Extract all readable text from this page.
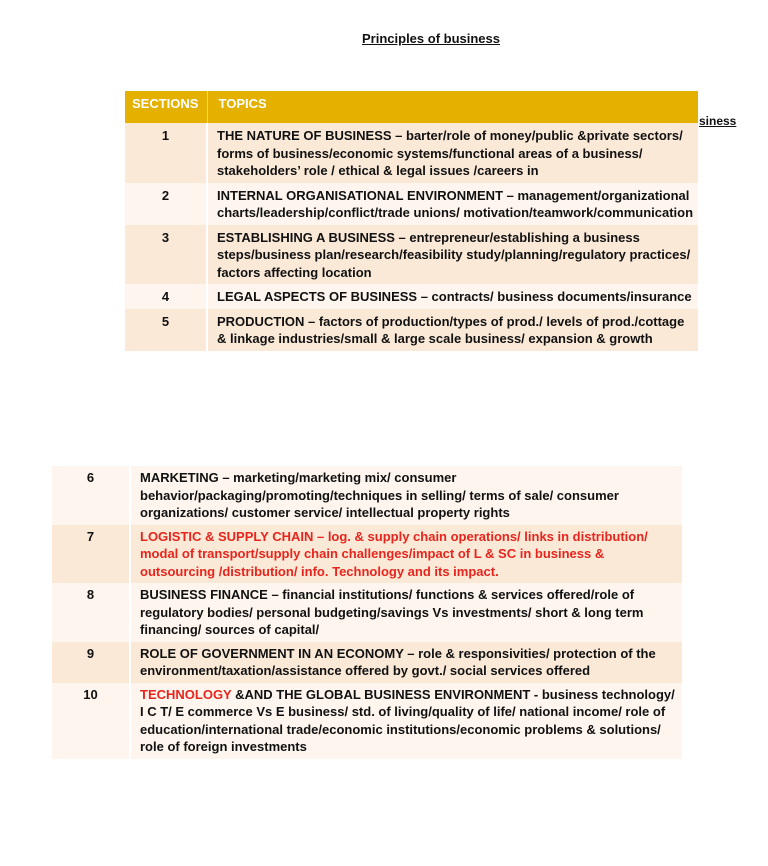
Principles of business
siness
SECTIONS	TOPICS
1	THE NATURE OF BUSINESS – barter/role of money/public &private sectors/ forms of business/economic systems/functional areas of a business/ stakeholders’ role / ethical & legal issues /careers in
2	INTERNAL ORGANISATIONAL ENVIRONMENT – management/organizational charts/leadership/conflict/trade unions/ motivation/teamwork/communication
3	ESTABLISHING A BUSINESS – entrepreneur/establishing a business steps/business plan/research/feasibility study/planning/regulatory practices/ factors affecting location
4	LEGAL ASPECTS OF BUSINESS – contracts/ business documents/insurance
5	PRODUCTION – factors of production/types of prod./ levels of prod./cottage & linkage industries/small & large scale business/ expansion & growth
6	MARKETING – marketing/marketing mix/ consumer behavior/packaging/promoting/techniques in selling/ terms of sale/ consumer organizations/ customer service/ intellectual property rights
7	LOGISTIC & SUPPLY CHAIN – log. & supply chain operations/ links in distribution/ modal of transport/supply chain challenges/impact of L & SC in business & outsourcing /distribution/ info. Technology and its impact.
8	BUSINESS FINANCE – financial institutions/ functions & services offered/role of regulatory bodies/ personal budgeting/savings Vs investments/ short & long term financing/ sources of capital/
9	ROLE OF GOVERNMENT IN AN ECONOMY – role & responsivities/ protection of the environment/taxation/assistance offered by govt./ social services offered
10	TECHNOLOGY &AND THE GLOBAL BUSINESS ENVIRONMENT - business technology/ I C T/ E commerce Vs E business/ std. of living/quality of life/ national income/ role of education/international trade/economic institutions/economic problems & solutions/ role of foreign investments
